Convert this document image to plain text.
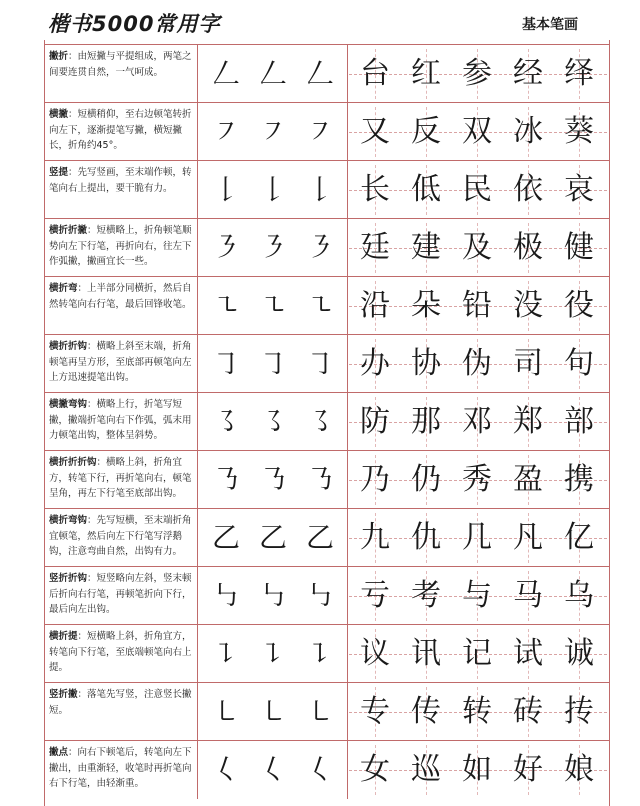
楷书5000常用字	基本笔画
撇折：由短撇与平提组成，两笔之间要连贯自然，一气呵成。	𠃋 𠃋 𠃋 台 红 参 经 绎
横撇：短横稍仰，至右边顿笔转折向左下，逐渐提笔写撇，横短撇长，折角约45°。	㇇ ㇇ ㇇ 又 反 双 冰 葵
竖提：先写竖画，至末端作顿，转笔向右上提出，要干脆有力。	𠄌 𠄌 𠄌 长 低 民 依 哀
横折折撇：短横略上，折角顿笔顺势向左下行笔，再折向右，往左下作弧撇，撇画宜长一些。	㇋ ㇋ ㇋ 廷 建 及 极 健
横折弯：上半部分同横折，然后自然转笔向右行笔，最后回锋收笔。 ㇍ ㇍ ㇍ 沿 朵 铅 没 役
横折折钩：横略上斜至末端，折角顿笔再呈方形，至底部再顿笔向左上方迅速提笔出钩。	㇆ ㇆ ㇆ 办 协 伪 司 句
横撇弯钩：横略上行，折笔写短撇，撇端折笔向右下作弧，弧末用力顿笔出钩，整体呈斜势。	㇌ ㇌ ㇌ 防 那 邓 郑 部
横折折折钩：横略上斜，折角宜方，转笔下行，再折笔向右，顿笔呈角，再左下行笔至底部出钩。	㇡ ㇡ ㇡ 乃 仍 秀 盈 携
横折弯钩：先写短横，至末端折角宜顿笔，然后向左下行笔写浮鹅钩，注意弯曲自然，出钩有力。	乙 乙 乙 九 仇 几 凡 亿
竖折折钩：短竖略向左斜，竖末顿后折向右行笔，再顿笔折向下行，最后向左出钩。	㇉ ㇉ ㇉ 亏 考 与 马 乌
横折提：短横略上斜，折角宜方，转笔向下行笔，至底端顿笔向右上提。	㇊ ㇊ ㇊ 议 讯 记 试 诚
竖折撇：落笔先写竖，注意竖长撇短。	㇄ ㇄ ㇄ 专 传 转 砖 抟
撇点：向右下顿笔后，转笔向左下撇出，由重渐轻，收笔时再折笔向右下行笔，由轻渐重。	𡿨 𡿨 𡿨 女 巡 如 好 娘
